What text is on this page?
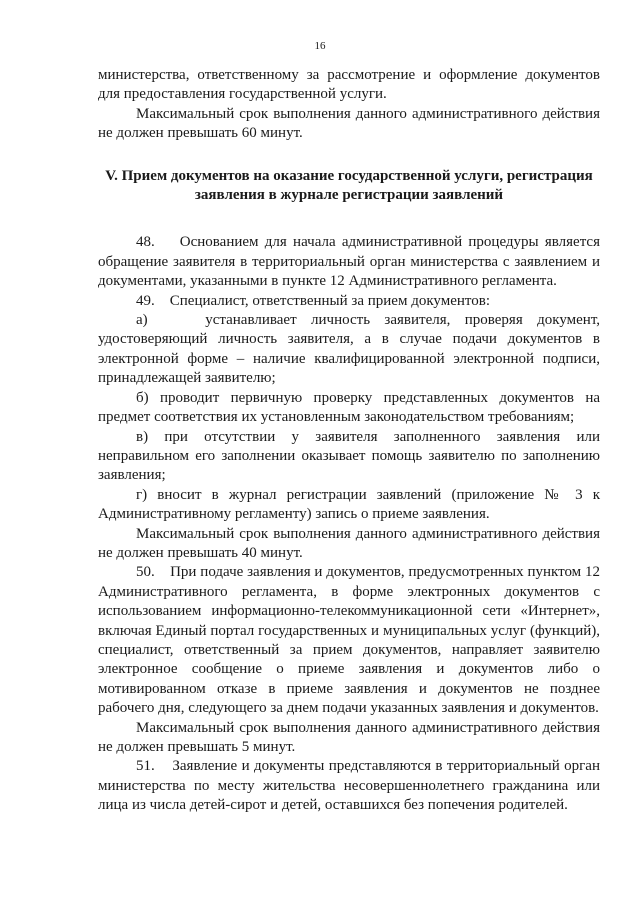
16

министерства, ответственному за рассмотрение и оформление документов для предоставления государственной услуги.

Максимальный срок выполнения данного административного действия не должен превышать 60 минут.

V. Прием документов на оказание государственной услуги, регистрация
заявления в журнале регистрации заявлений

48.    Основанием для начала административной процедуры является обращение заявителя в территориальный орган министерства с заявлением и документами, указанными в пункте 12 Административного регламента.

49.    Специалист, ответственный за прием документов:

а)    устанавливает личность заявителя, проверяя документ, удостоверяющий личность заявителя, а в случае подачи документов в электронной форме – наличие квалифицированной электронной подписи, принадлежащей заявителю;

б) проводит первичную проверку представленных документов на предмет соответствия их установленным законодательством требованиям;

в) при отсутствии у заявителя заполненного заявления или неправильном его заполнении оказывает помощь заявителю по заполнению заявления;

г) вносит в журнал регистрации заявлений (приложение № 3 к Административному регламенту) запись о приеме заявления.

Максимальный срок выполнения данного административного действия не должен превышать 40 минут.

50.    При подаче заявления и документов, предусмотренных пунктом 12 Административного регламента, в форме электронных документов с использованием информационно-телекоммуникационной сети «Интернет», включая Единый портал государственных и муниципальных услуг (функций), специалист, ответственный за прием документов, направляет заявителю электронное сообщение о приеме заявления и документов либо о мотивированном отказе в приеме заявления и документов не позднее рабочего дня, следующего за днем подачи указанных заявления и документов.

Максимальный срок выполнения данного административного действия не должен превышать 5 минут.

51.    Заявление и документы представляются в территориальный орган министерства по месту жительства несовершеннолетнего гражданина или лица из числа детей-сирот и детей, оставшихся без попечения родителей.
